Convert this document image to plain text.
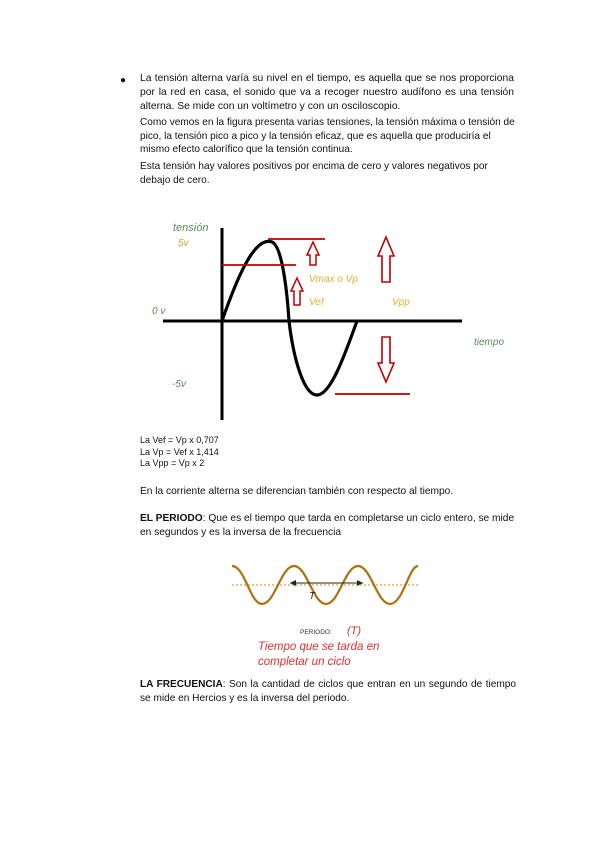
● La tensión alterna varía su nivel en el tiempo, es aquella que se nos proporciona por la red en casa, el sonido que va a recoger nuestro audífono es una tensión alterna. Se mide con un voltímetro y con un osciloscopio.

Como vemos en la figura presenta varias tensiones, la tensión máxima o tensión de pico, la tensión pico a pico y la tensión eficaz, que es aquella que produciría el mismo efecto calorífico que la tensión continua.

Esta tensión hay valores positivos por encima de cero y valores negativos por debajo de cero.

tensión
5v
0 v
-5v
tiempo
Vmax o Vp
Vef	Vpp
T
PERIODO: (T)
Tiempo que se tarda en
completar un ciclo
La Vef = Vp x 0,707
La Vp = Vef x 1,414
La Vpp = Vp x 2

En la corriente alterna se diferencian también con respecto al tiempo.

EL PERIODO: Que es el tiempo que tarda en completarse un ciclo entero, se mide en segundos y es la inversa de la frecuencia

LA FRECUENCIA: Son la cantidad de ciclos que entran en un segundo de tiempo se mide en Hercios y es la inversa del periodo.
